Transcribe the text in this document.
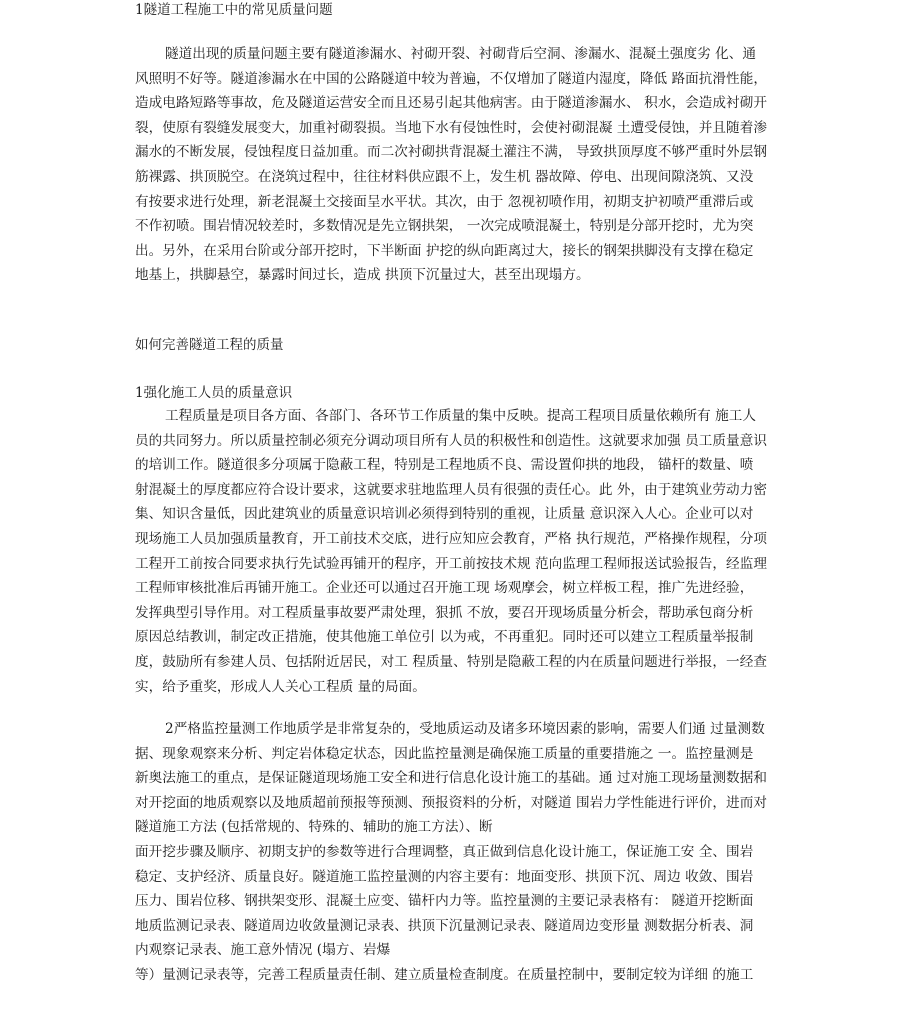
1隧道工程施工中的常见质量问题
隧道出现的质量问题主要有隧道渗漏水、衬砌开裂、衬砌背后空洞、渗漏水、混凝土强度劣 化、通
风照明不好等。隧道渗漏水在中国的公路隧道中较为普遍，不仅增加了隧道内湿度，降低 路面抗滑性能，
造成电路短路等事故，危及隧道运营安全而且还易引起其他病害。由于隧道渗漏水、 积水，会造成衬砌开
裂，使原有裂缝发展变大，加重衬砌裂损。当地下水有侵蚀性时，会使衬砌混凝 土遭受侵蚀，并且随着渗
漏水的不断发展，侵蚀程度日益加重。而二次衬砌拱背混凝土灌注不满， 导致拱顶厚度不够严重时外层钢
筋裸露、拱顶脱空。在浇筑过程中，往往材料供应跟不上，发生机 器故障、停电、出现间隙浇筑、又没
有按要求进行处理，新老混凝土交接面呈水平状。其次，由于 忽视初喷作用，初期支护初喷严重滞后或
不作初喷。围岩情况较差时，多数情况是先立钢拱架， 一次完成喷混凝土，特别是分部开挖时，尤为突
出。另外，在采用台阶或分部开挖时，下半断面 护挖的纵向距离过大，接长的钢架拱脚没有支撑在稳定
地基上，拱脚悬空，暴露时间过长，造成 拱顶下沉量过大，甚至出现塌方。
如何完善隧道工程的质量
1强化施工人员的质量意识
工程质量是项目各方面、各部门、各环节工作质量的集中反映。提高工程项目质量依赖所有 施工人
员的共同努力。所以质量控制必须充分调动项目所有人员的积极性和创造性。这就要求加强 员工质量意识
的培训工作。隧道很多分项属于隐蔽工程，特别是工程地质不良、需设置仰拱的地段， 锚杆的数量、喷
射混凝土的厚度都应符合设计要求，这就要求驻地监理人员有很强的责任心。此 外，由于建筑业劳动力密
集、知识含量低，因此建筑业的质量意识培训必须得到特别的重视，让质量 意识深入人心。企业可以对
现场施工人员加强质量教育，开工前技术交底，进行应知应会教育，严格 执行规范，严格操作规程，分项
工程开工前按合同要求执行先试验再铺开的程序，开工前按技术规 范向监理工程师报送试验报告，经监理
工程师审核批准后再铺开施工。企业还可以通过召开施工现 场观摩会，树立样板工程，推广先进经验，
发挥典型引导作用。对工程质量事故要严肃处理，狠抓 不放，要召开现场质量分析会，帮助承包商分析
原因总结教训，制定改正措施，使其他施工单位引 以为戒，不再重犯。同时还可以建立工程质量举报制
度，鼓励所有参建人员、包括附近居民，对工 程质量、特别是隐蔽工程的内在质量问题进行举报，一经查
实，给予重奖，形成人人关心工程质 量的局面。
2严格监控量测工作地质学是非常复杂的，受地质运动及诸多环境因素的影响，需要人们通 过量测数
据、现象观察来分析、判定岩体稳定状态，因此监控量测是确保施工质量的重要措施之 一。监控量测是
新奥法施工的重点，是保证隧道现场施工安全和进行信息化设计施工的基础。通 过对施工现场量测数据和
对开挖面的地质观察以及地质超前预报等预测、预报资料的分析，对隧道 围岩力学性能进行评价，进而对
隧道施工方法 (包括常规的、特殊的、辅助的施工方法）、断
面开挖步骤及顺序、初期支护的参数等进行合理调整，真正做到信息化设计施工，保证施工安 全、围岩
稳定、支护经济、质量良好。隧道施工监控量测的内容主要有：地面变形、拱顶下沉、周边 收敛、围岩
压力、围岩位移、钢拱架变形、混凝土应变、锚杆内力等。监控量测的主要记录表格有： 隧道开挖断面
地质监测记录表、隧道周边收敛量测记录表、拱顶下沉量测记录表、隧道周边变形量 测数据分析表、洞
内观察记录表、施工意外情况 (塌方、岩爆
等）量测记录表等，完善工程质量责任制、建立质量检查制度。在质量控制中，要制定较为详细 的施工
